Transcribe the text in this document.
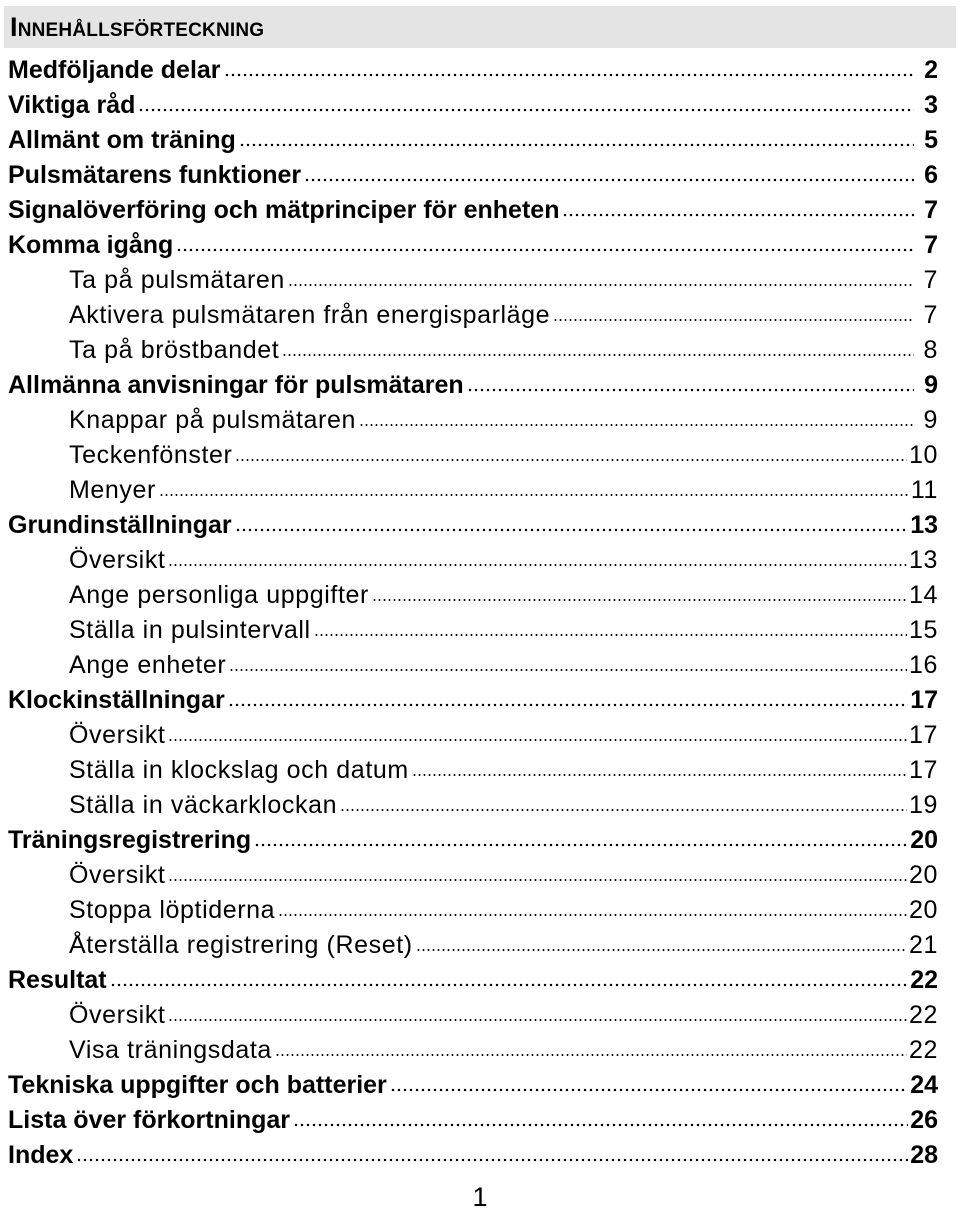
Innehållsförteckning
Medföljande delar	2
Viktiga råd	3
Allmänt om träning	5
Pulsmätarens funktioner	6
Signalöverföring och mätprinciper för enheten	7
Komma igång	7
Ta på pulsmätaren	7
Aktivera pulsmätaren från energisparläge	7
Ta på bröstbandet	8
Allmänna anvisningar för pulsmätaren	9
Knappar på pulsmätaren	9
Teckenfönster	10
Menyer	11
Grundinställningar	13
Översikt	13
Ange personliga uppgifter	14
Ställa in pulsintervall	15
Ange enheter	16
Klockinställningar	17
Översikt	17
Ställa in klockslag och datum	17
Ställa in väckarklockan	19
Träningsregistrering	20
Översikt	20
Stoppa löptiderna	20
Återställa registrering (Reset)	21
Resultat	22
Översikt	22
Visa träningsdata	22
Tekniska uppgifter och batterier	24
Lista över förkortningar	26
Index	28
1
